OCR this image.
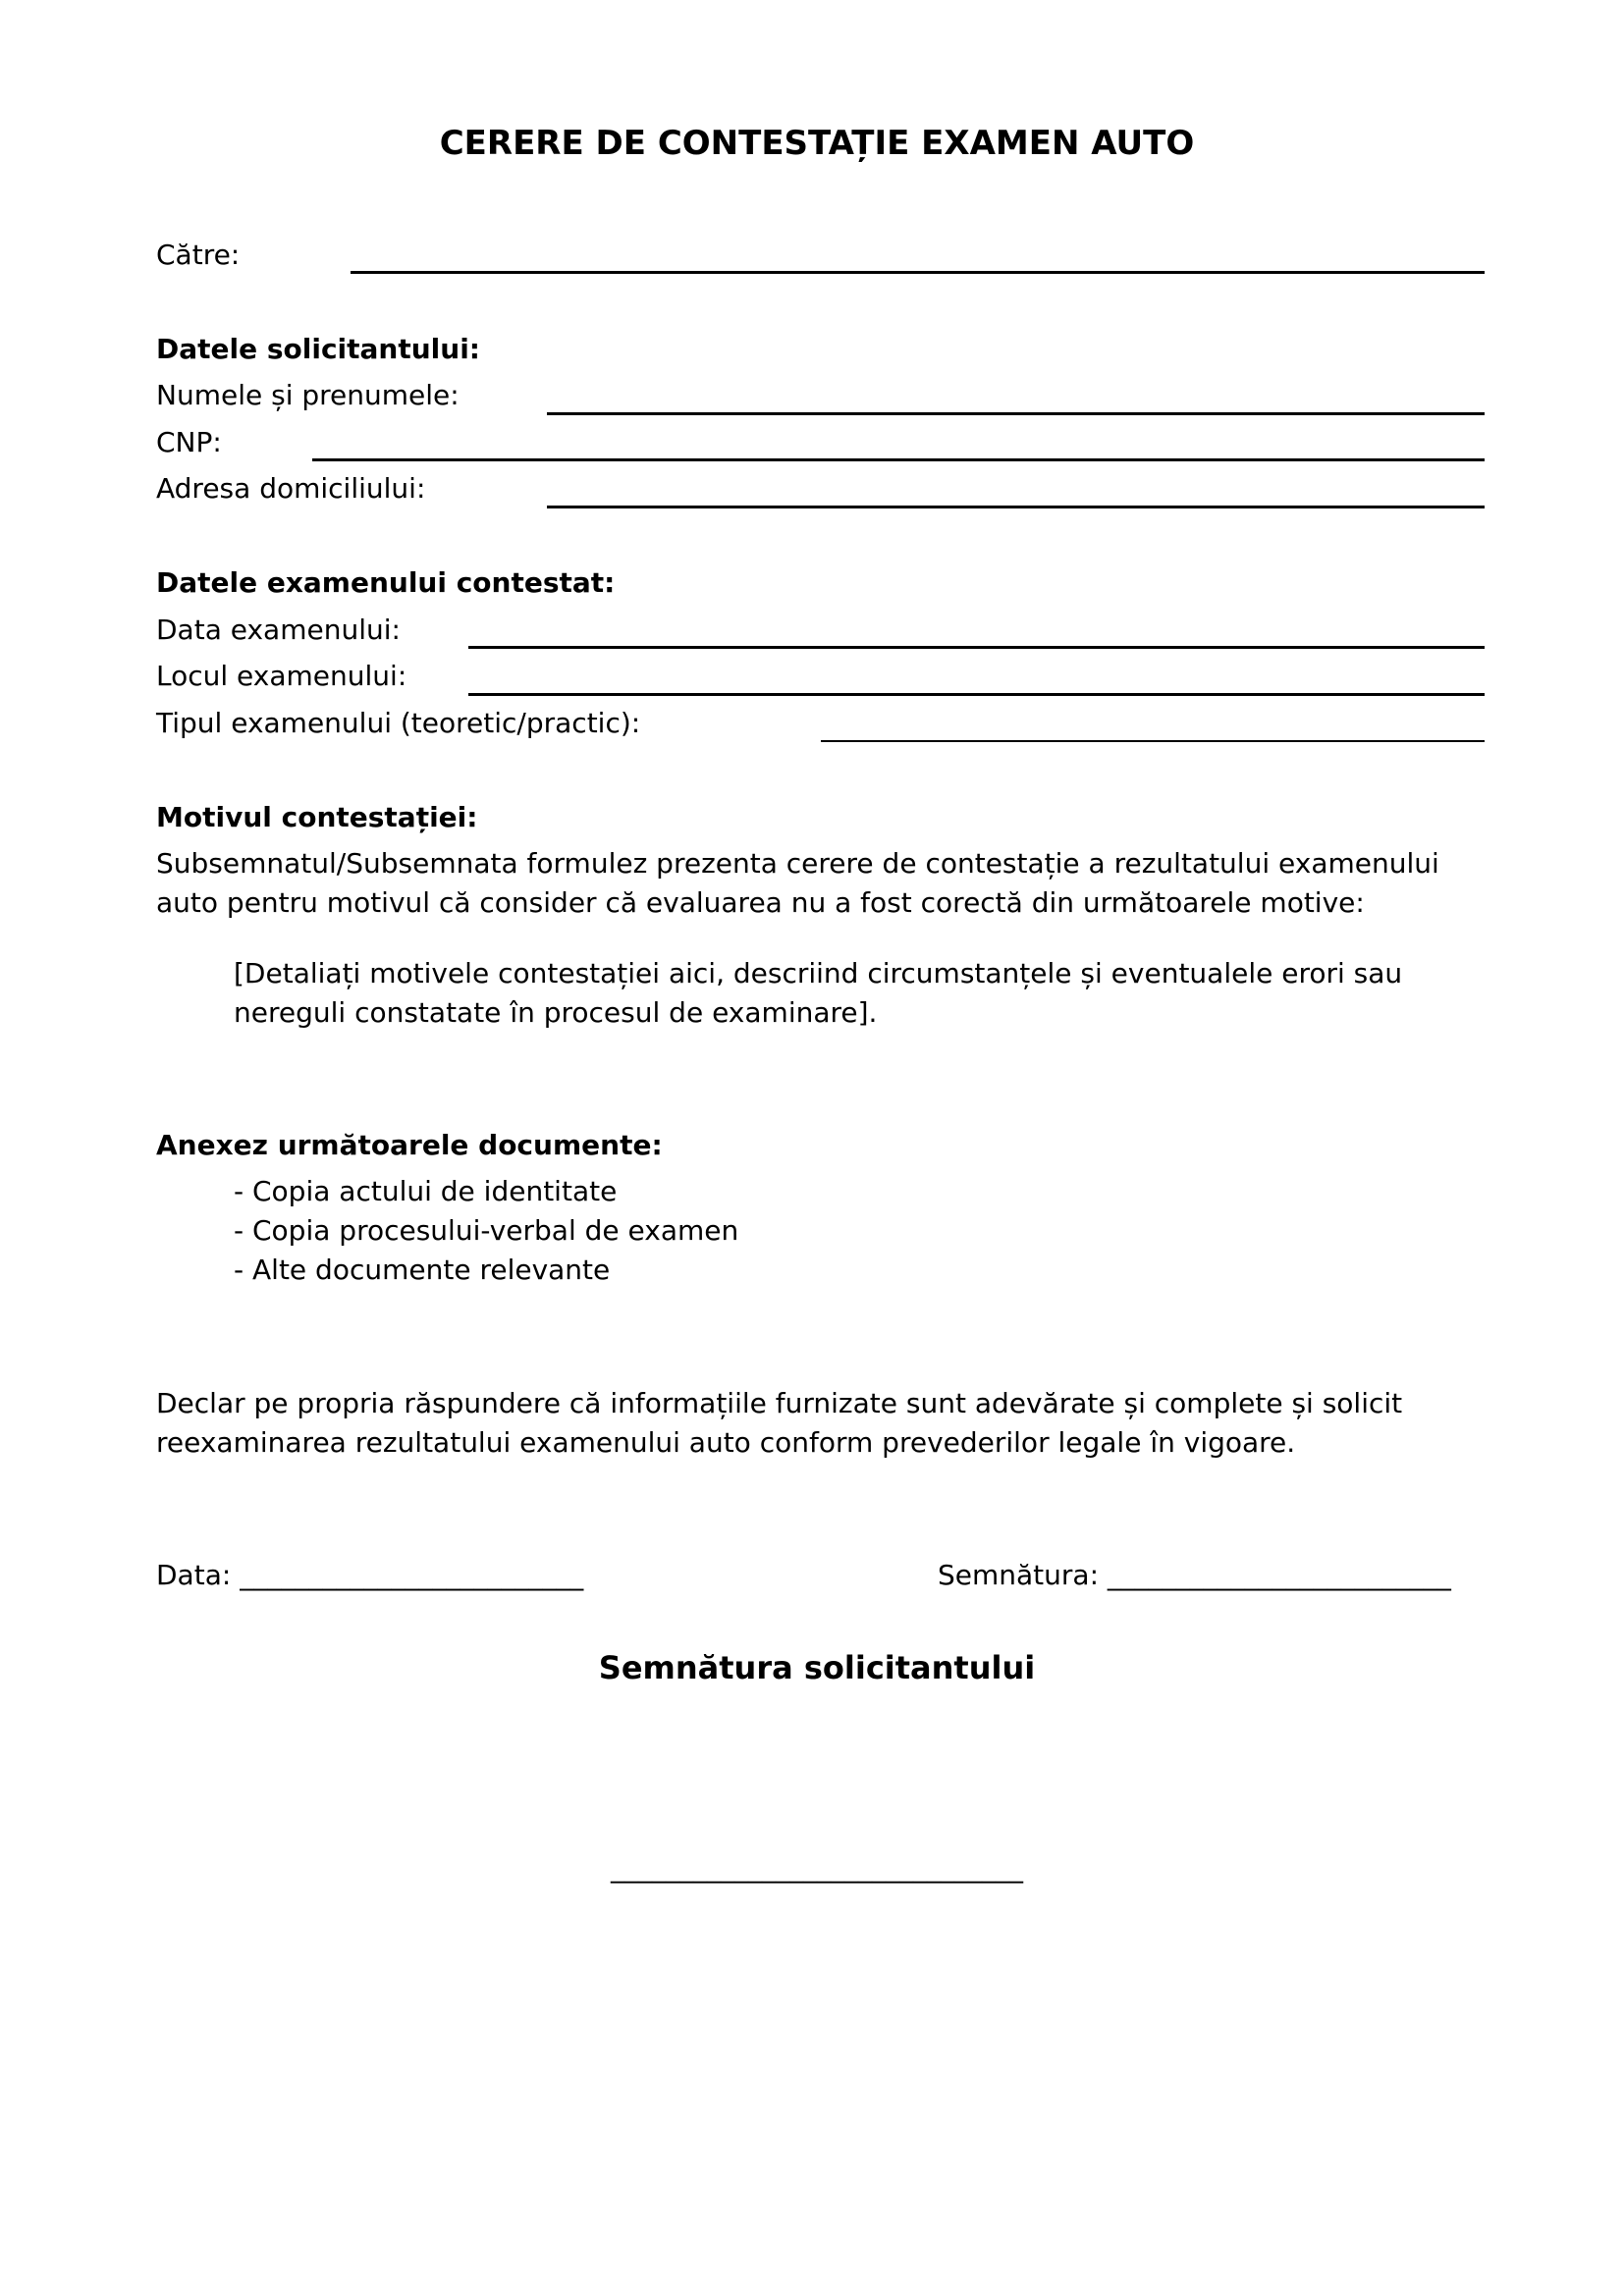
CERERE DE CONTESTAȚIE EXAMEN AUTO
Către:
Datele solicitantului:
Numele și prenumele:
CNP:
Adresa domiciliului:
Datele examenului contestat:
Data examenului:
Locul examenului:
Tipul examenului (teoretic/practic):
Motivul contestației:
Subsemnatul/Subsemnata formulez prezenta cerere de contestație a rezultatului examenului
auto pentru motivul că consider că evaluarea nu a fost corectă din următoarele motive:
[Detaliați motivele contestației aici, descriind circumstanțele și eventualele erori sau
nereguli constatate în procesul de examinare].
Anexez următoarele documente:
- Copia actului de identitate
- Copia procesului-verbal de examen
- Alte documente relevante
Declar pe propria răspundere că informațiile furnizate sunt adevărate și complete și solicit
reexaminarea rezultatului examenului auto conform prevederilor legale în vigoare.
Data: _________________________	Semnătura: _________________________
Semnătura solicitantului
______________________________
